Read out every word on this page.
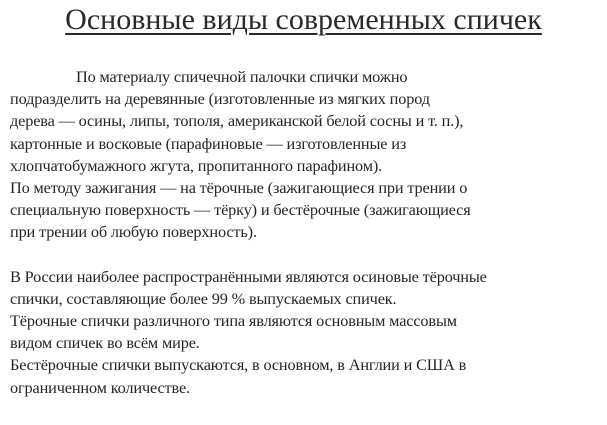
Основные виды современных спичек
По материалу спичечной палочки спички можно
подразделить на деревянные (изготовленные из мягких пород
дерева — осины, липы, тополя, американской белой сосны и т. п.),
картонные и восковые (парафиновые — изготовленные из
хлопчатобумажного жгута, пропитанного парафином).
По методу зажигания — на тёрочные (зажигающиеся при трении о
специальную поверхность — тёрку) и бестёрочные (зажигающиеся
при трении об любую поверхность).
В России наиболее распространёнными являются осиновые тёрочные
спички, составляющие более 99 % выпускаемых спичек.
Тёрочные спички различного типа являются основным массовым
видом спичек во всём мире.
Бестёрочные спички выпускаются, в основном, в Англии и США в
ограниченном количестве.
